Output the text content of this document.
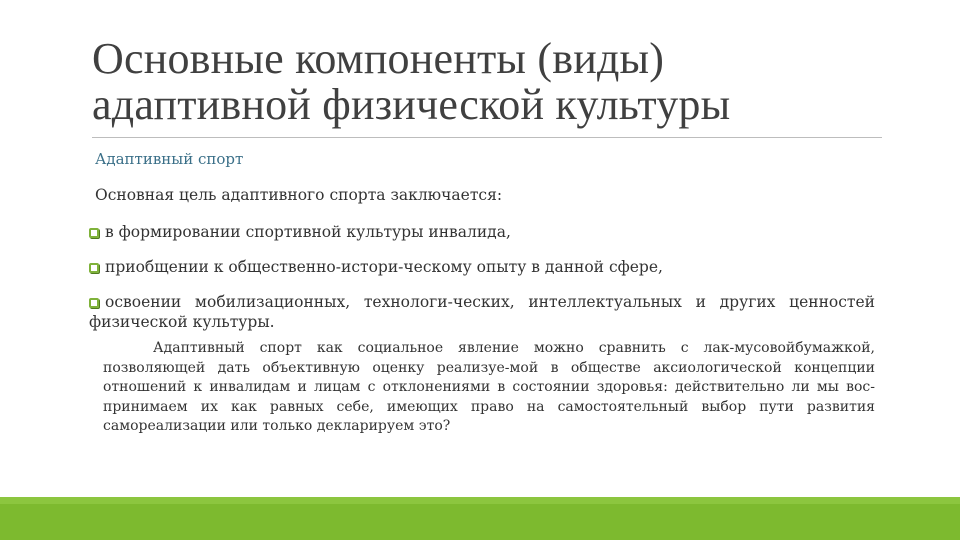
Основные компоненты (виды) адаптивной физической культуры
Адаптивный спорт
Основная цель адаптивного спорта заключается:
в формировании спортивной культуры инвалида,
приобщении к общественно-истори-ческому опыту в данной сфере,
освоении мобилизационных, технологи-ческих, интеллектуальных и других ценностей физической культуры.
Адаптивный спорт как социальное явление можно сравнить с лак-мусовойбумажкой, позволяющей дать объективную оценку реализуе-мой в обществе аксиологической концепции отношений к инвалидам и лицам с отклонениями в состоянии здоровья: действительно ли мы вос-принимаем их как равных себе, имеющих право на самостоятельный выбор пути развития самореализации или только декларируем это?
